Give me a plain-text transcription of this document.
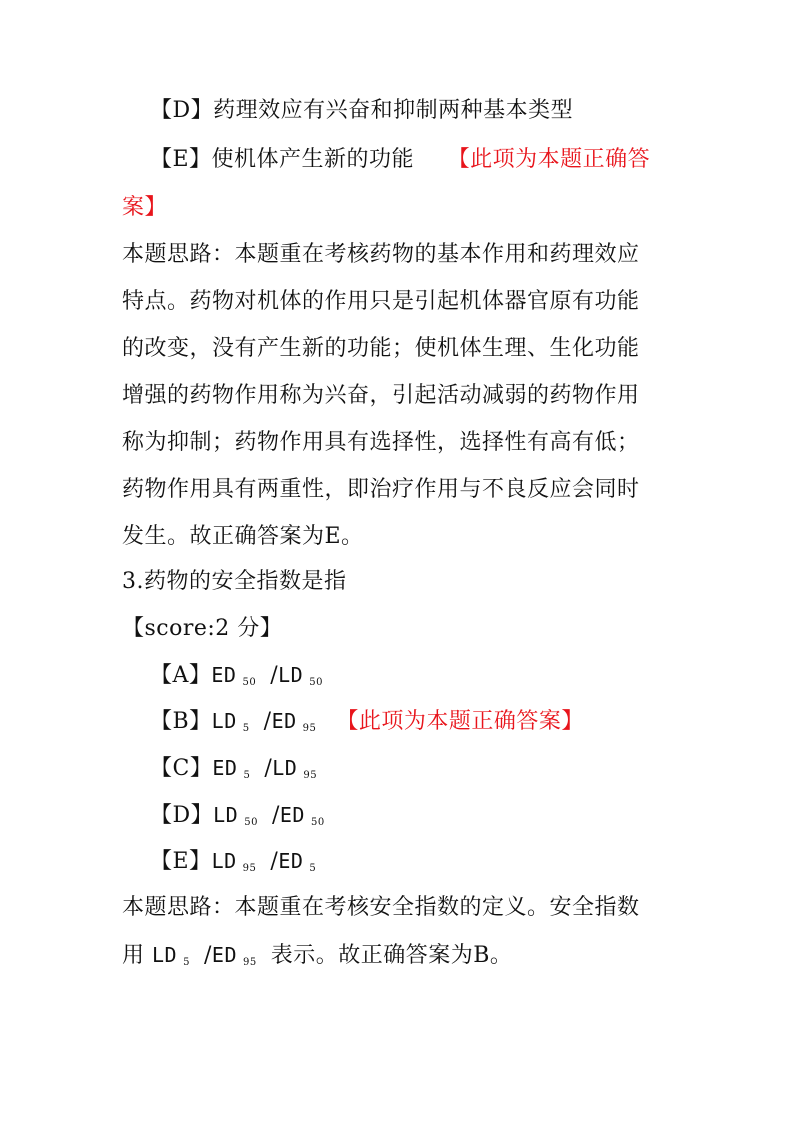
【D】药理效应有兴奋和抑制两种基本类型
【E】使机体产生新的功能 【此项为本题正确答
案】
本题思路：本题重在考核药物的基本作用和药理效应
特点。药物对机体的作用只是引起机体器官原有功能
的改变，没有产生新的功能；使机体生理、生化功能
增强的药物作用称为兴奋，引起活动减弱的药物作用
称为抑制；药物作用具有选择性，选择性有高有低；
药物作用具有两重性，即治疗作用与不良反应会同时
发生。故正确答案为E。
3.药物的安全指数是指
【score:2 分】
【A】ED $_{50}$ /LD $_{50}$
【B】LD $_5$ /ED $_{95}$ 【此项为本题正确答案】
【C】ED $_5$ /LD $_{95}$
【D】LD $_{50}$ /ED $_{50}$
【E】LD $_{95}$ /ED $_5$
本题思路：本题重在考核安全指数的定义。安全指数
用 LD $_5$ /ED $_{95}$ 表示。故正确答案为B。
